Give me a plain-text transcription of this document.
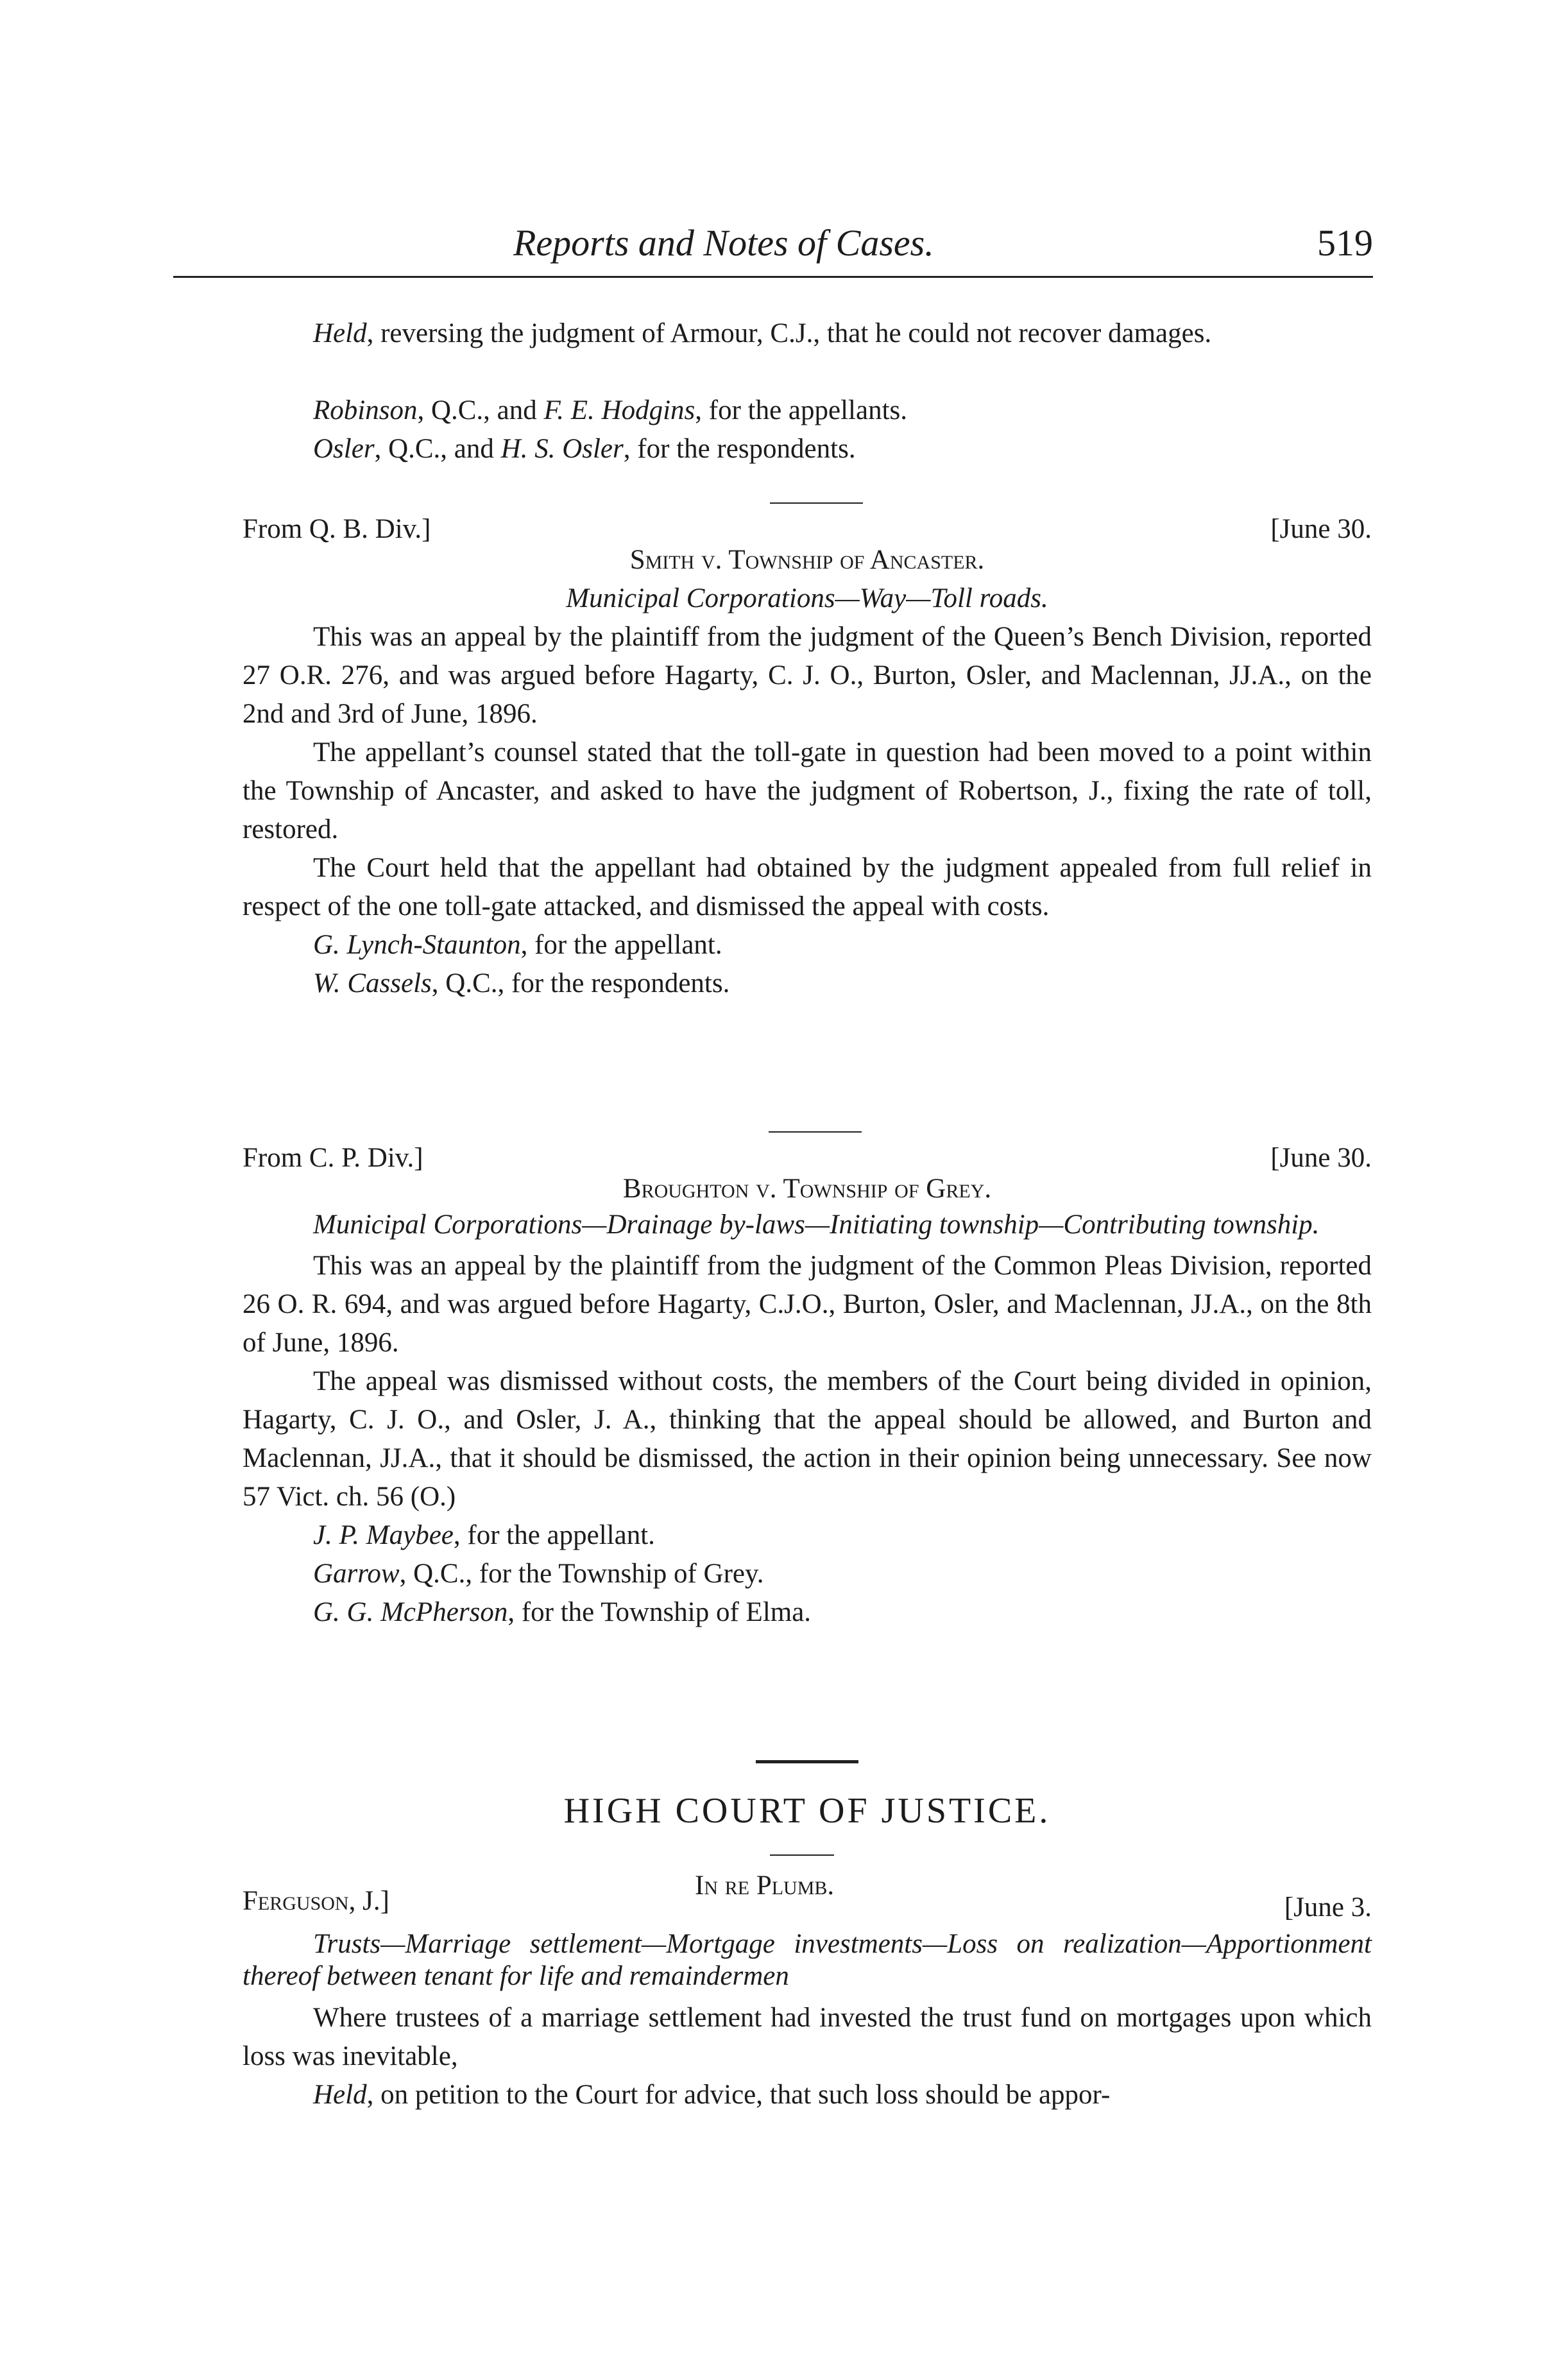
Reports and Notes of Cases.	519

Held, reversing the judgment of Armour, C.J., that he could not recover damages.

Robinson, Q.C., and F. E. Hodgins, for the appellants.

Osler, Q.C., and H. S. Osler, for the respondents.

From Q. B. Div.]	[June 30.
Smith v. Township of Ancaster.
Municipal Corporations—Way—Toll roads.

This was an appeal by the plaintiff from the judgment of the Queen’s Bench Division, reported 27 O.R. 276, and was argued before Hagarty, C. J. O., Burton, Osler, and Maclennan, JJ.A., on the 2nd and 3rd of June, 1896.

The appellant’s counsel stated that the toll-gate in question had been moved to a point within the Township of Ancaster, and asked to have the judgment of Robertson, J., fixing the rate of toll, restored.

The Court held that the appellant had obtained by the judgment appealed from full relief in respect of the one toll-gate attacked, and dismissed the appeal with costs.

G. Lynch-Staunton, for the appellant.

W. Cassels, Q.C., for the respondents.

From C. P. Div.]	[June 30.
Broughton v. Township of Grey.

Municipal Corporations—Drainage by-laws—Initiating township—Contributing township.

This was an appeal by the plaintiff from the judgment of the Common Pleas Division, reported 26 O. R. 694, and was argued before Hagarty, C.J.O., Burton, Osler, and Maclennan, JJ.A., on the 8th of June, 1896.

The appeal was dismissed without costs, the members of the Court being divided in opinion, Hagarty, C. J. O., and Osler, J. A., thinking that the appeal should be allowed, and Burton and Maclennan, JJ.A., that it should be dismissed, the action in their opinion being unnecessary. See now 57 Vict. ch. 56 (O.)

J. P. Maybee, for the appellant.

Garrow, Q.C., for the Township of Grey.

G. G. McPherson, for the Township of Elma.

HIGH COURT OF JUSTICE.
Ferguson, J.]
In re Plumb.
[June 3.

Trusts—Marriage settlement—Mortgage investments—Loss on realization—Apportionment thereof between tenant for life and remaindermen

Where trustees of a marriage settlement had invested the trust fund on mortgages upon which loss was inevitable,

Held, on petition to the Court for advice, that such loss should be appor-
